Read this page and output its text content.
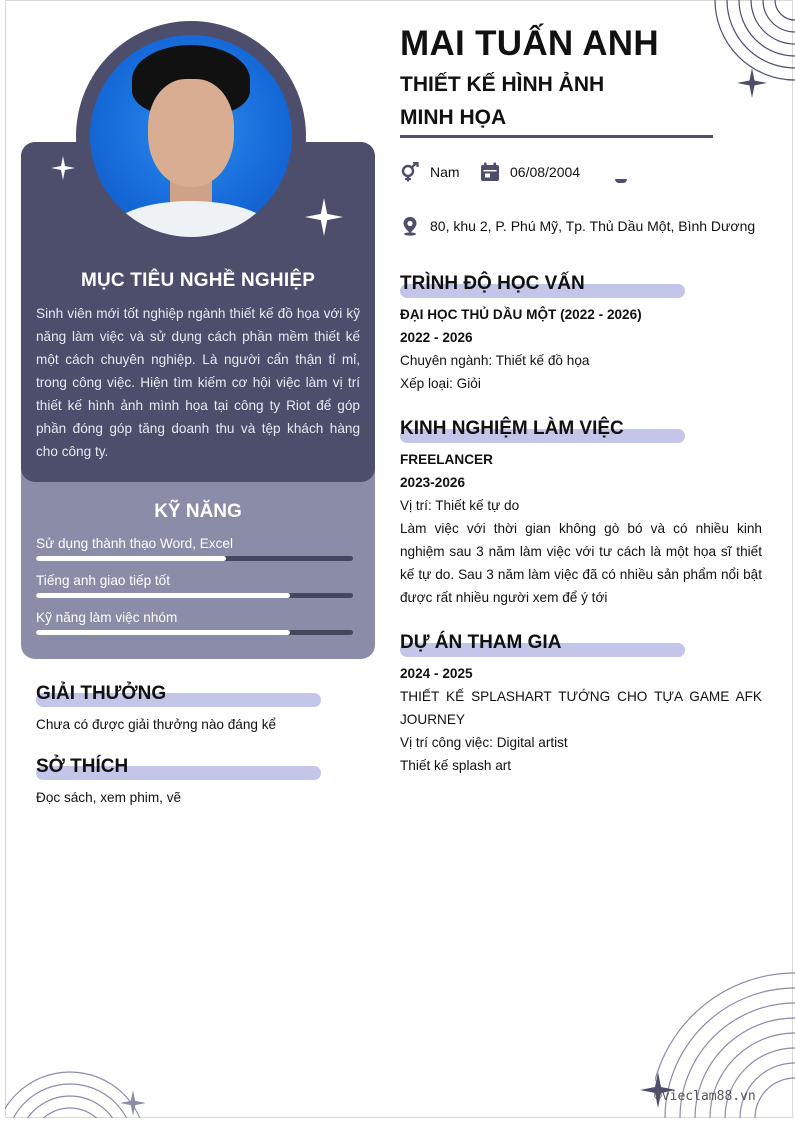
MỤC TIÊU NGHỀ NGHIỆP
Sinh viên mới tốt nghiệp ngành thiết kế đồ họa với kỹ năng làm việc và sử dụng cách phần mềm thiết kế một cách chuyên nghiệp. Là người cẩn thận tỉ mỉ, trong công việc. Hiện tìm kiếm cơ hội việc làm vị trí thiết kế hình ảnh mình họa tại công ty Riot để góp phần đóng góp tăng doanh thu và tệp khách hàng cho công ty.
KỸ NĂNG
Sử dụng thành thạo Word, Excel
Tiếng anh giao tiếp tốt
Kỹ năng làm việc nhóm
GIẢI THƯỞNG
Chưa có được giải thưởng nào đáng kể
SỞ THÍCH
Đọc sách, xem phim, vẽ
MAI TUẤN ANH
THIẾT KẾ HÌNH ẢNH
MINH HỌA
Nam	06/08/2004
80, khu 2, P. Phú Mỹ, Tp. Thủ Dầu Một, Bình Dương
TRÌNH ĐỘ HỌC VẤN
ĐẠI HỌC THỦ DẦU MỘT (2022 - 2026)
2022 - 2026
Chuyên ngành: Thiết kế đồ họa
Xếp loại: Giỏi
KINH NGHIỆM LÀM VIỆC
FREELANCER
2023-2026
Vị trí: Thiết kế tự do
Làm việc với thời gian không gò bó và có nhiều kinh nghiệm sau 3 năm làm việc với tư cách là một họa sĩ thiết kế tự do. Sau 3 năm làm việc đã có nhiều sản phẩm nổi bật được rất nhiều người xem để ý tới
DỰ ÁN THAM GIA
2024 - 2025
THIẾT KẾ SPLASHART TƯỚNG CHO TỰA GAME AFK JOURNEY
Vị trí công việc: Digital artist
Thiết kế splash art
©vieclam88.vn
